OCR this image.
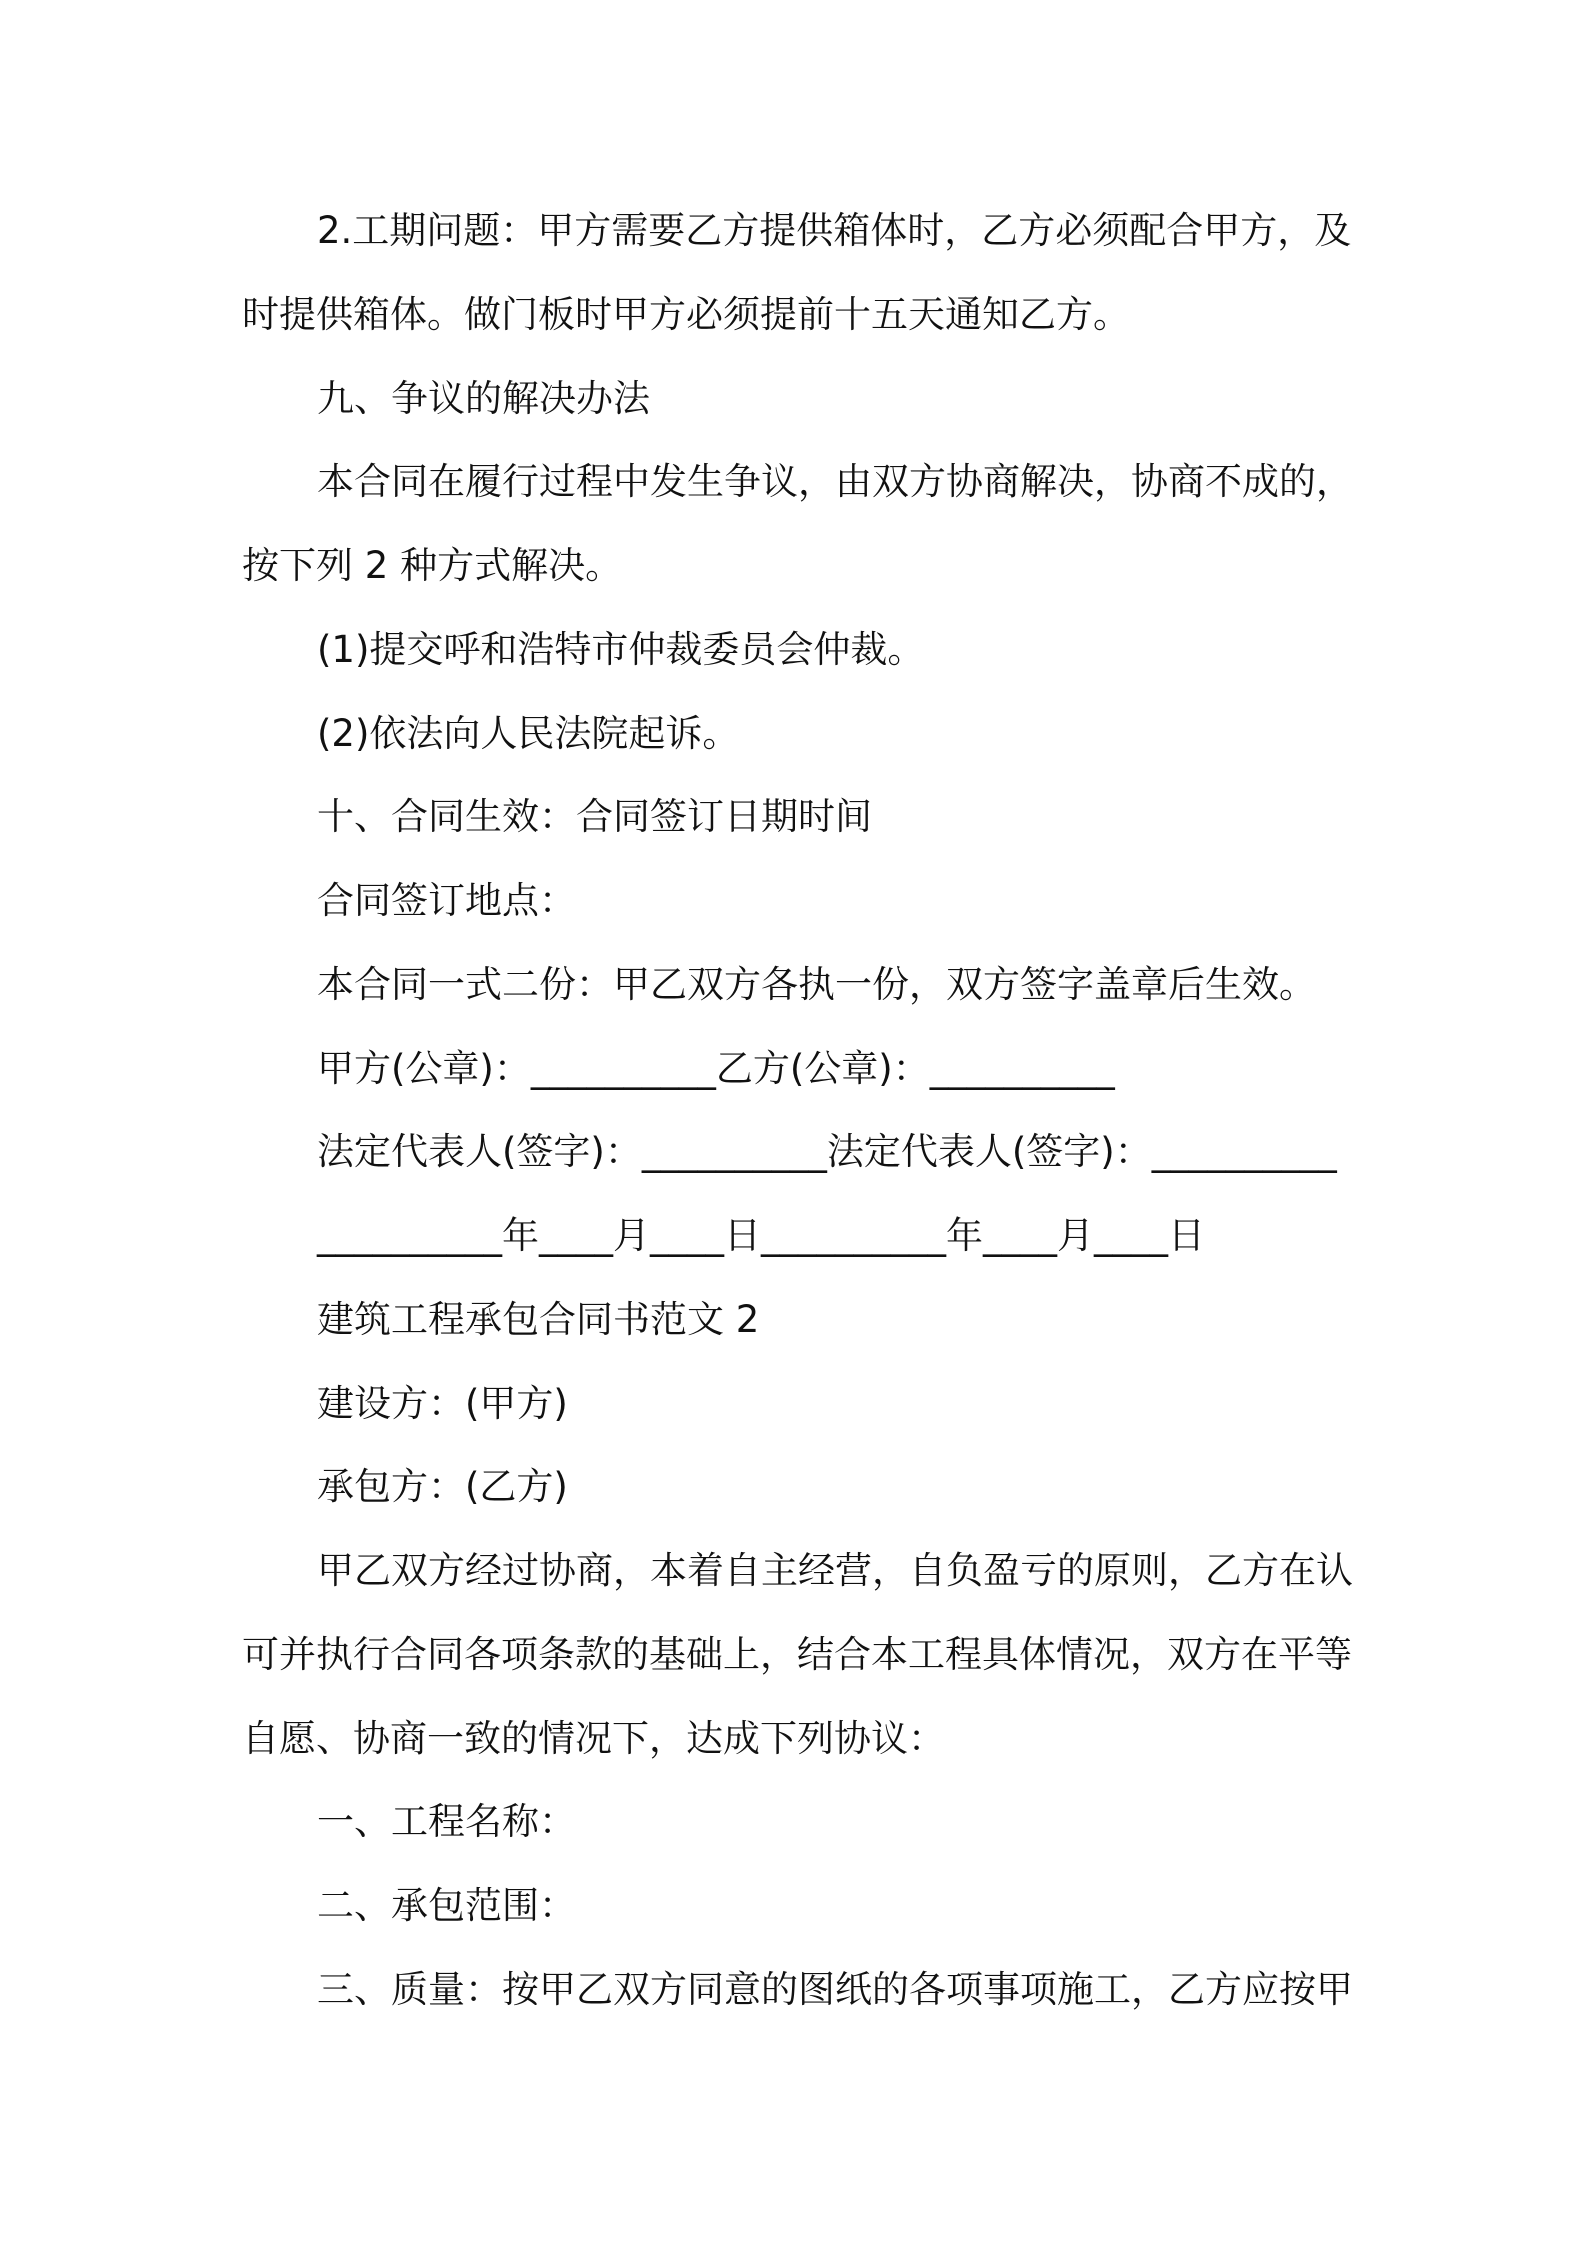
2.工期问题：甲方需要乙方提供箱体时，乙方必须配合甲方，及
时提供箱体。做门板时甲方必须提前十五天通知乙方。
九、争议的解决办法
本合同在履行过程中发生争议，由双方协商解决，协商不成的，
按下列 2 种方式解决。
(1)提交呼和浩特市仲裁委员会仲裁。
(2)依法向人民法院起诉。
十、合同生效：合同签订日期时间
合同签订地点：
本合同一式二份：甲乙双方各执一份，双方签字盖章后生效。
甲方(公章)：__________乙方(公章)：__________
法定代表人(签字)：__________法定代表人(签字)：__________
__________年____月____日__________年____月____日
建筑工程承包合同书范文 2
建设方：(甲方)
承包方：(乙方)
甲乙双方经过协商，本着自主经营，自负盈亏的原则，乙方在认
可并执行合同各项条款的基础上，结合本工程具体情况，双方在平等
自愿、协商一致的情况下，达成下列协议：
一、工程名称：
二、承包范围：
三、质量：按甲乙双方同意的图纸的各项事项施工，乙方应按甲
